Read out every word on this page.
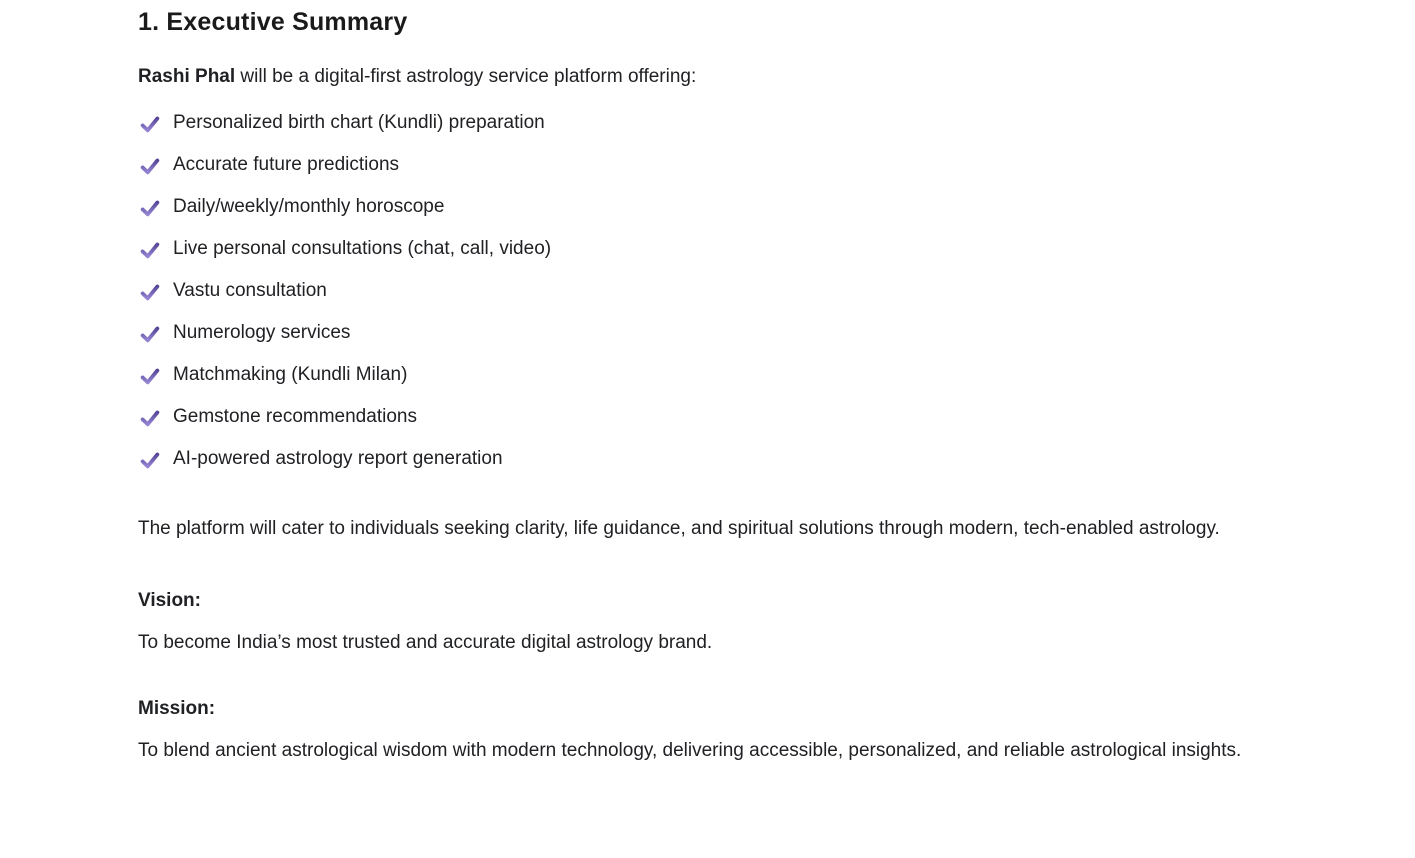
1. Executive Summary

Rashi Phal will be a digital-first astrology service platform offering:

Personalized birth chart (Kundli) preparation
Accurate future predictions
Daily/weekly/monthly horoscope
Live personal consultations (chat, call, video)
Vastu consultation
Numerology services
Matchmaking (Kundli Milan)
Gemstone recommendations
AI-powered astrology report generation

The platform will cater to individuals seeking clarity, life guidance, and spiritual solutions through modern, tech-enabled astrology.

Vision:

To become India’s most trusted and accurate digital astrology brand.

Mission:

To blend ancient astrological wisdom with modern technology, delivering accessible, personalized, and reliable astrological insights.
